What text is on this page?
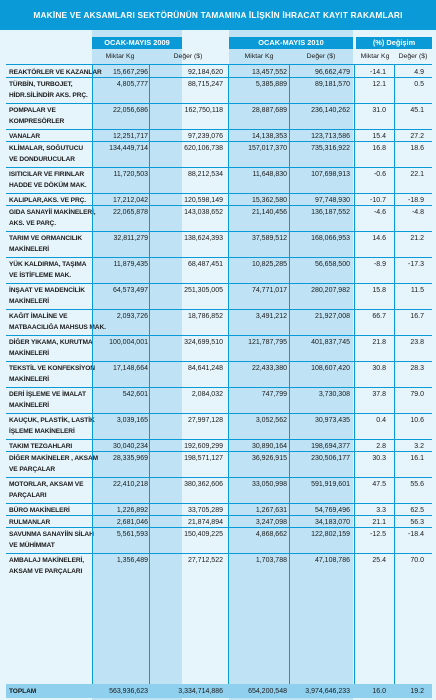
MAKİNE VE AKSAMLARI SEKTÖRÜNÜN TAMAMINA İLİŞKİN İHRACAT KAYIT RAKAMLARI
OCAK-MAYIS 2009	OCAK-MAYIS 2010	(%) Değişim
Miktar Kg	Değer ($)	Miktar Kg	Değer ($)	Miktar Kg	Değer ($)
REAKTÖRLER VE KAZANLAR	15,667,296	92,184,620	13,457,552	96,662,479	-14.1	4.9
TÜRBİN, TURBOJET,
HİDR.SİLİNDİR AKS. PRÇ.
4,805,777	88,715,247	5,385,889	89,181,570	12.1	0.5
POMPALAR VE
KOMPRESÖRLER
22,056,686	162,750,118	28,887,689	236,140,262	31.0	45.1
VANALAR	12,251,717	97,239,076	14,138,353	123,713,586	15.4	27.2
KLİMALAR, SOĞUTUCU
VE DONDURUCULAR
134,449,714	620,106,738	157,017,370	735,316,922	16.8	18.6
ISITICILAR VE FIRINLAR
HADDE VE DÖKÜM MAK.
11,720,503	88,212,534	11,648,830	107,698,913	-0.6	22.1
KALIPLAR,AKS. VE PRÇ.	17,212,042	120,598,149	15,362,580	97,748,930	-10.7	-18.9
GIDA SANAYİİ MAKİNELERİ,
AKS. VE PARÇ.
22,065,878	143,038,652	21,140,456	136,187,552	-4.6	-4.8
TARIM VE ORMANCILIK
MAKİNELERİ
32,811,279	138,624,393	37,589,512	168,066,953	14.6	21.2
YÜK KALDIRMA, TAŞIMA
VE İSTİFLEME MAK.
11,879,435	68,487,451	10,825,285	56,658,500	-8.9	-17.3
İNŞAAT VE MADENCİLİK
MAKİNELERİ
64,573,497	251,305,005	74,771,017	280,207,982	15.8	11.5
KAĞIT İMALİNE VE
MATBAACILIĞA MAHSUS MAK.
2,093,726	18,786,852	3,491,212	21,927,008	66.7	16.7
DİĞER YIKAMA, KURUTMA
MAKİNELERİ
100,004,001	324,699,510	121,787,795	401,837,745	21.8	23.8
TEKSTİL VE KONFEKSİYON
MAKİNELERİ
17,148,664	84,641,248	22,433,380	108,607,420	30.8	28.3
DERİ İŞLEME VE İMALAT
MAKİNELERİ
542,601	2,084,032	747,799	3,730,308	37.8	79.0
KAUÇUK, PLASTİK, LASTİK
İŞLEME MAKİNELERİ
3,039,165	27,997,128	3,052,562	30,973,435	0.4	10.6
TAKIM TEZGAHLARI	30,040,234	192,609,299	30,890,164	198,694,377	2.8	3.2
DİĞER MAKİNELER , AKSAM
VE PARÇALAR
28,335,969	198,571,127	36,926,915	230,506,177	30.3	16.1
MOTORLAR, AKSAM VE
PARÇALARI
22,410,218	380,362,606	33,050,998	591,919,601	47.5	55.6
BÜRO MAKİNELERİ	1,226,892	33,705,289	1,267,631	54,769,496	3.3	62.5
RULMANLAR	2,681,046	21,874,894	3,247,098	34,183,070	21.1	56.3
SAVUNMA SANAYİİN SİLAH
VE MÜHİMMAT
5,561,593	150,409,225	4,868,662	122,802,159	-12.5	-18.4
AMBALAJ MAKİNELERİ,
AKSAM VE PARÇALARI
1,356,489	27,712,522	1,703,788	47,108,786	25.4	70.0
TOPLAM	563,936,623	3,334,714,886	654,200,548	3,974,646,233	16.0	19.2
